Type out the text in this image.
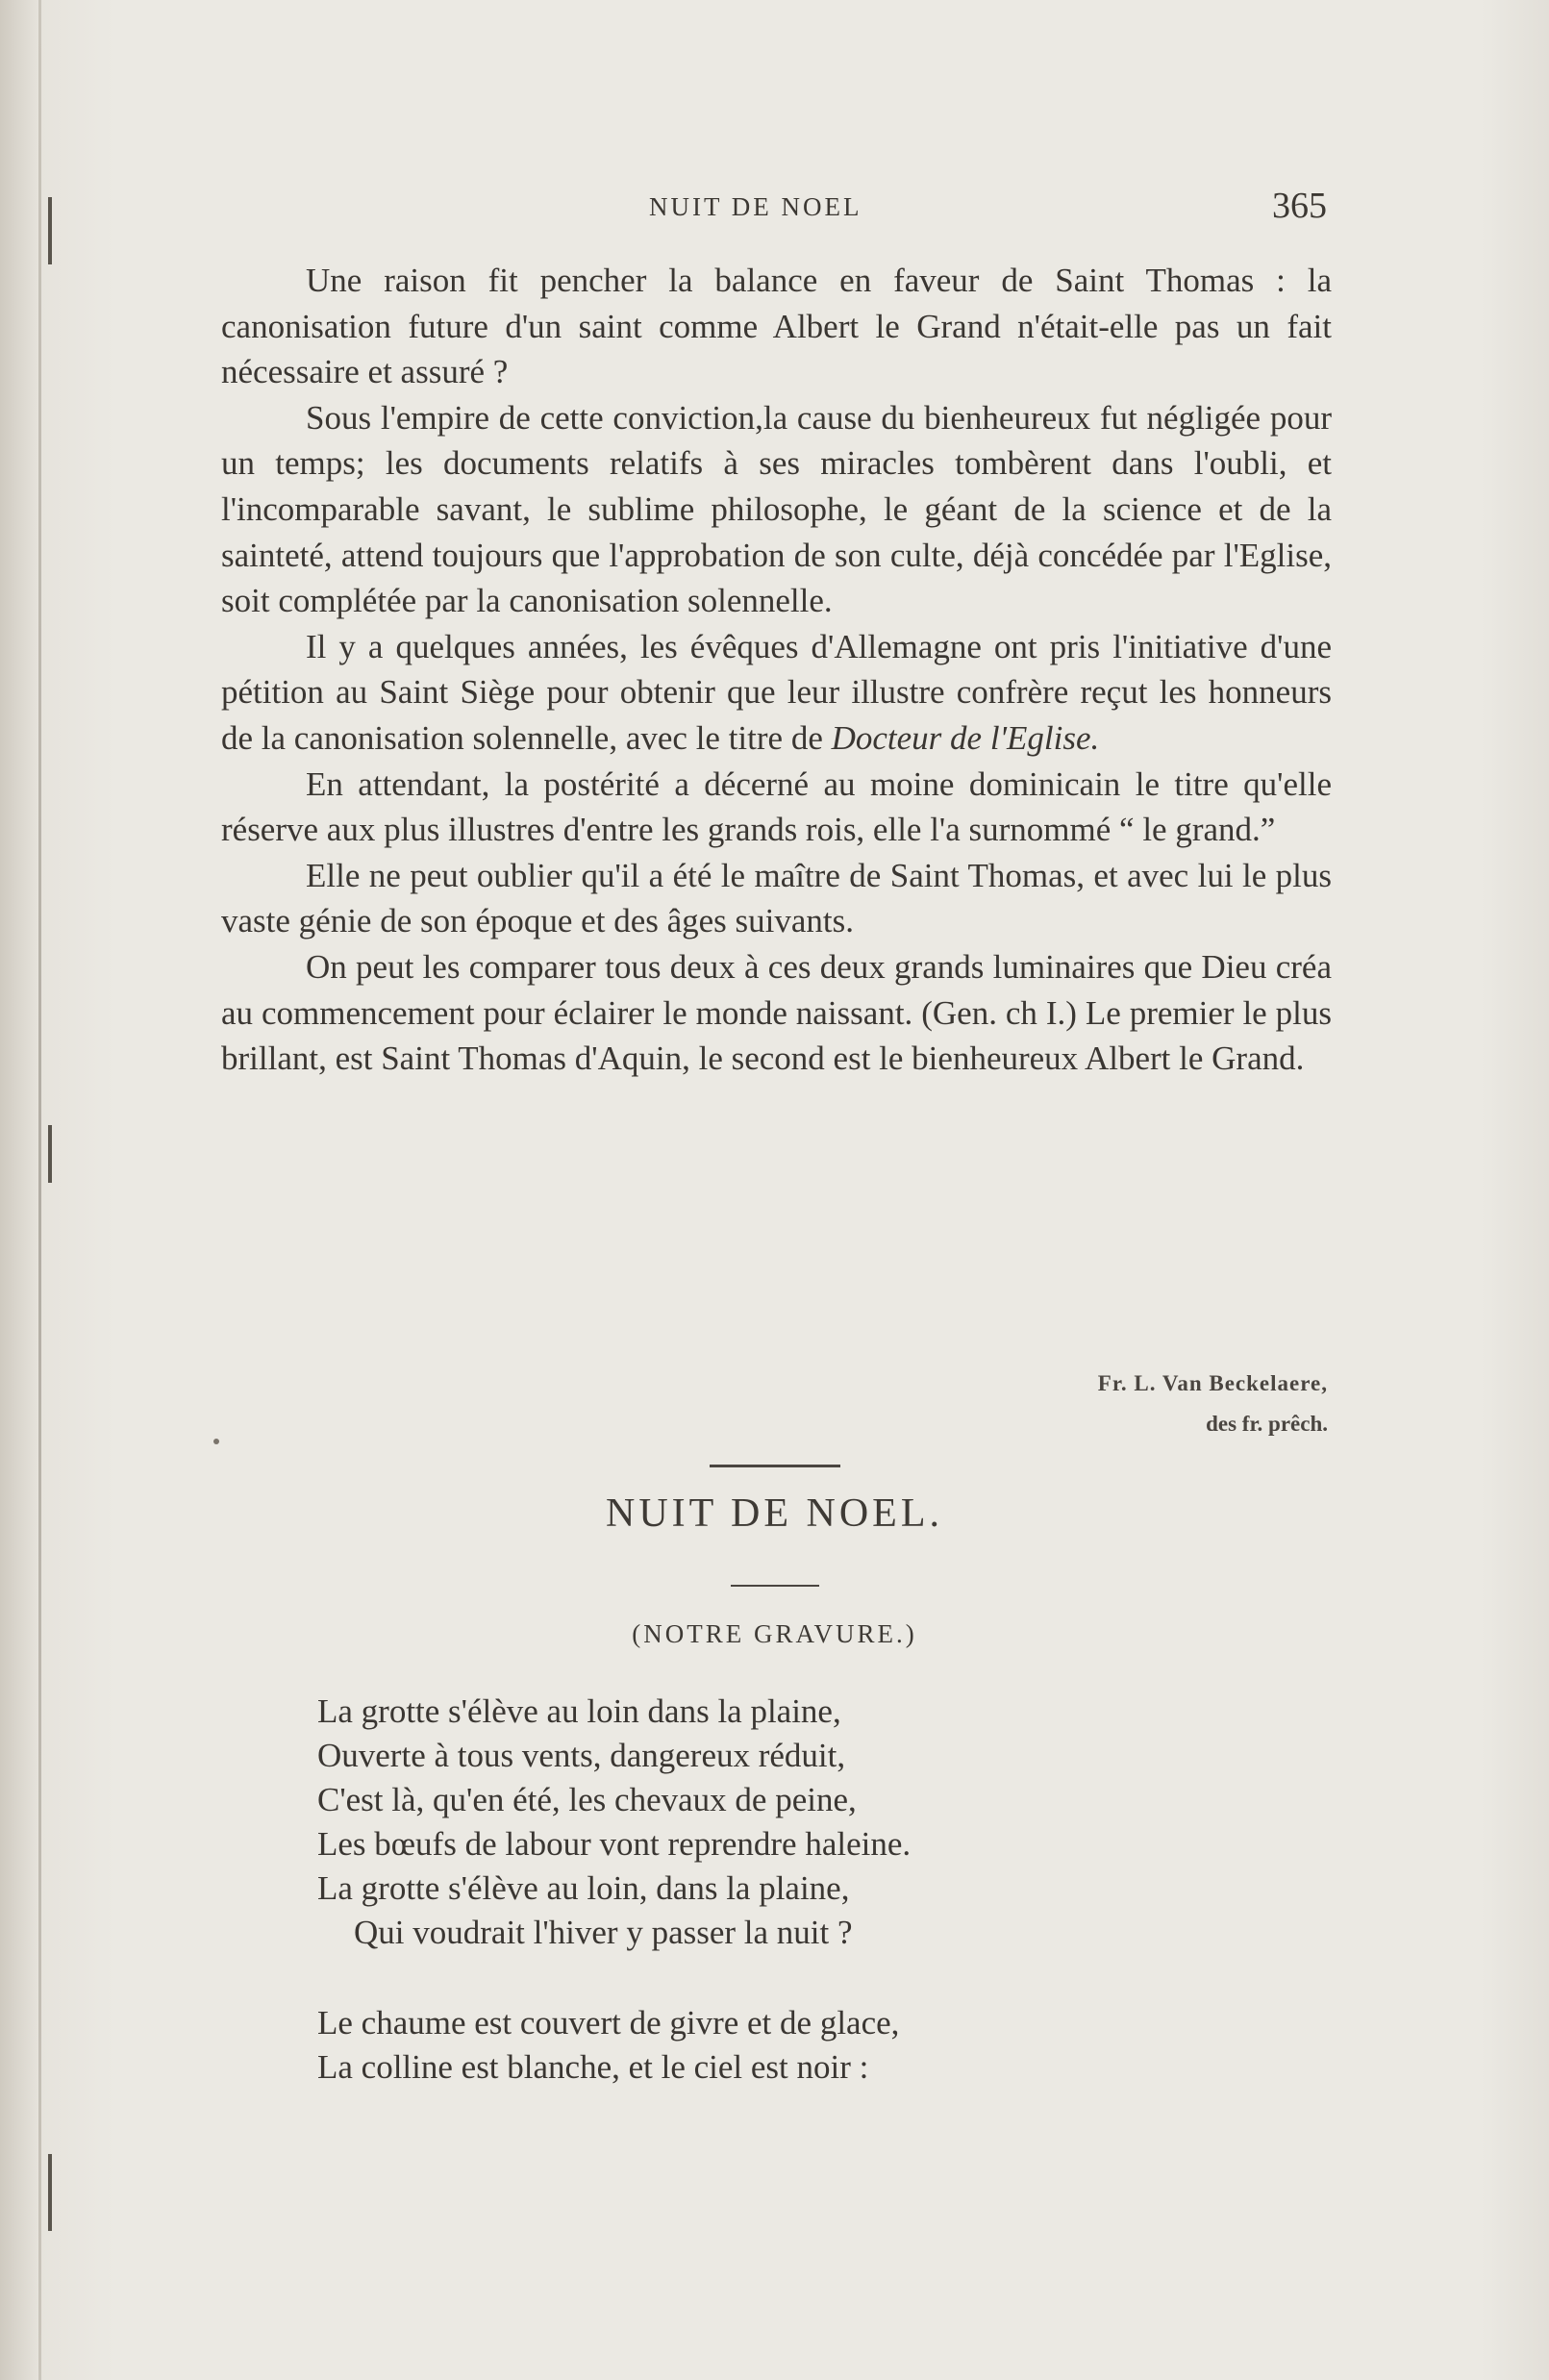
NUIT DE NOEL	365

Une raison fit pencher la balance en faveur de Saint Thomas : la canonisation future d'un saint comme Albert le Grand n'était-elle pas un fait nécessaire et assuré ?

Sous l'empire de cette conviction,la cause du bienheureux fut négligée pour un temps; les documents relatifs à ses miracles tombèrent dans l'oubli, et l'incomparable savant, le sublime philosophe, le géant de la science et de la sainteté, attend toujours que l'approbation de son culte, déjà concédée par l'Eglise, soit complétée par la canonisation solennelle.

Il y a quelques années, les évêques d'Allemagne ont pris l'initiative d'une pétition au Saint Siège pour obtenir que leur illustre confrère reçut les honneurs de la canonisation solennelle, avec le titre de Docteur de l'Eglise.

En attendant, la postérité a décerné au moine dominicain le titre qu'elle réserve aux plus illustres d'entre les grands rois, elle l'a surnommé “ le grand.”

Elle ne peut oublier qu'il a été le maître de Saint Thomas, et avec lui le plus vaste génie de son époque et des âges suivants.

On peut les comparer tous deux à ces deux grands luminaires que Dieu créa au commencement pour éclairer le monde naissant. (Gen. ch I.) Le premier le plus brillant, est Saint Thomas d'Aquin, le second est le bienheureux Albert le Grand.

Fr. L. Van Beckelaere,
des fr. prêch.
NUIT DE NOEL.
(NOTRE GRAVURE.)
La grotte s'élève au loin dans la plaine,
Ouverte à tous vents, dangereux réduit,
C'est là, qu'en été, les chevaux de peine,
Les bœufs de labour vont reprendre haleine.
La grotte s'élève au loin, dans la plaine,
Qui voudrait l'hiver y passer la nuit ?
Le chaume est couvert de givre et de glace,
La colline est blanche, et le ciel est noir :
